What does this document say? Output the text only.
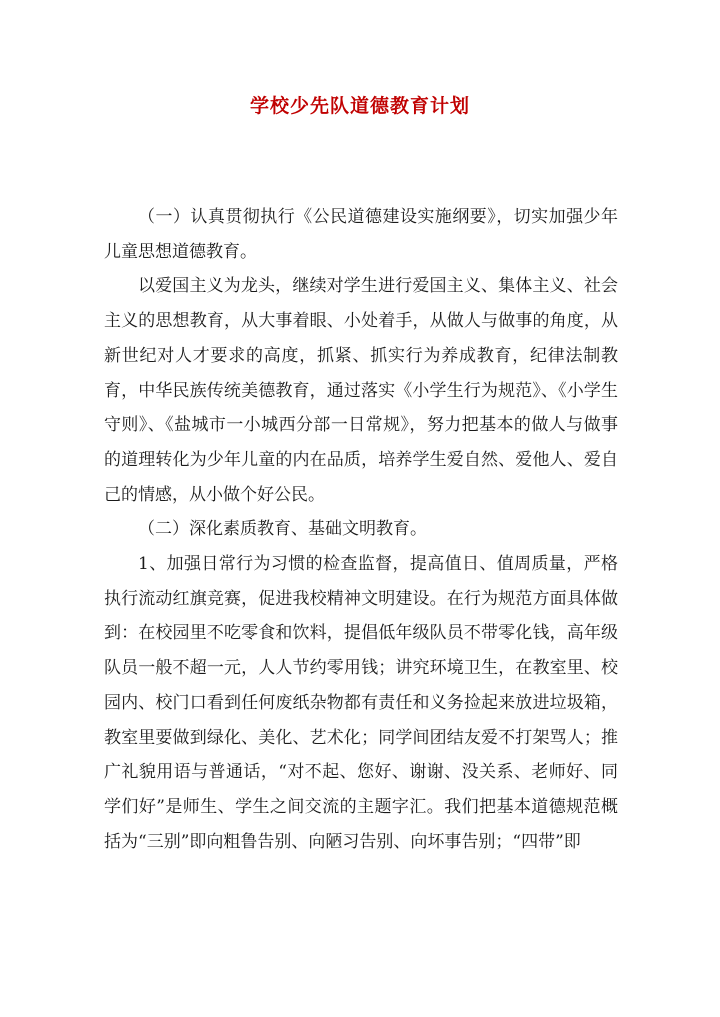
学校少先队道德教育计划

（一）认真贯彻执行《公民道德建设实施纲要》，切实加强少年儿童思想道德教育。

以爱国主义为龙头，继续对学生进行爱国主义、集体主义、社会主义的思想教育，从大事着眼、小处着手，从做人与做事的角度，从新世纪对人才要求的高度，抓紧、抓实行为养成教育，纪律法制教育，中华民族传统美德教育，通过落实《小学生行为规范》、《小学生守则》、《盐城市一小城西分部一日常规》，努力把基本的做人与做事的道理转化为少年儿童的内在品质，培养学生爱自然、爱他人、爱自己的情感，从小做个好公民。

（二）深化素质教育、基础文明教育。

1、加强日常行为习惯的检查监督，提高值日、值周质量，严格执行流动红旗竞赛，促进我校精神文明建设。在行为规范方面具体做到：在校园里不吃零食和饮料，提倡低年级队员不带零化钱，高年级队员一般不超一元，人人节约零用钱；讲究环境卫生，在教室里、校园内、校门口看到任何废纸杂物都有责任和义务捡起来放进垃圾箱，教室里要做到绿化、美化、艺术化；同学间团结友爱不打架骂人；推广礼貌用语与普通话，“对不起、您好、谢谢、没关系、老师好、同学们好”是师生、学生之间交流的主题字汇。我们把基本道德规范概括为“三别”即向粗鲁告别、向陋习告别、向坏事告别；“四带”即
